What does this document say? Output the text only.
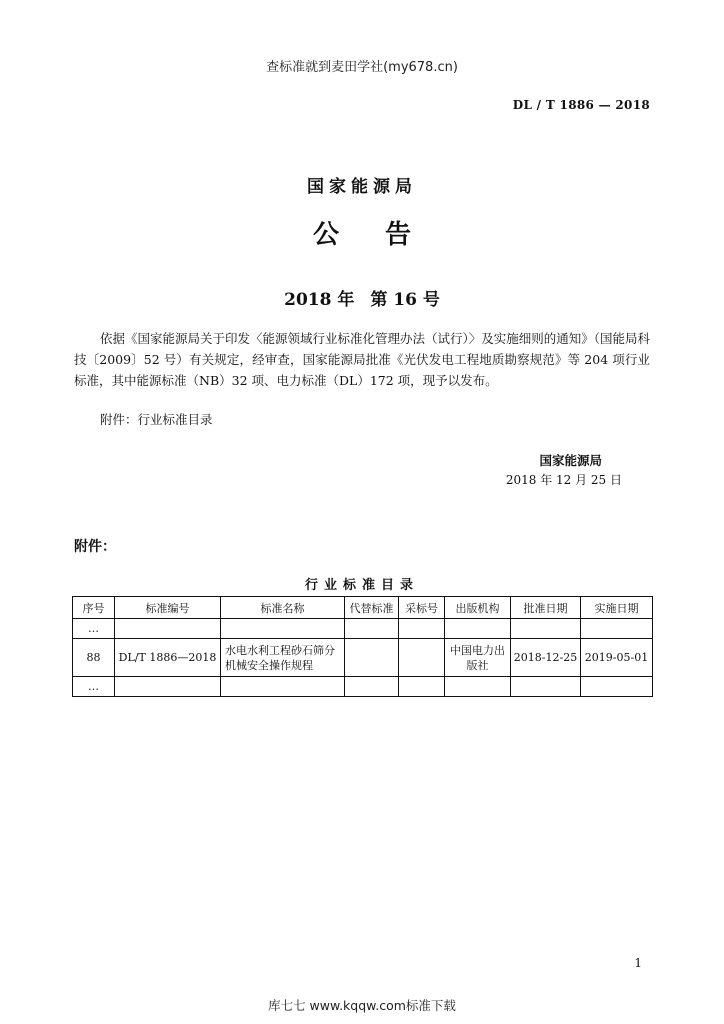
查标准就到麦田学社(my678.cn)
DL / T 1886 — 2018
国家能源局
公告
2018 年 第 16 号
依据《国家能源局关于印发〈能源领域行业标准化管理办法（试行）〉及实施细则的通知》（国能局科技〔2009〕52 号）有关规定，经审查，国家能源局批准《光伏发电工程地质勘察规范》等 204 项行业标准，其中能源标准（NB）32 项、电力标准（DL）172 项，现予以发布。
附件：行业标准目录
国家能源局
2018 年 12 月 25 日
附件：
行业标准目录
序号	标准编号	标准名称	代替标准	采标号	出版机构	批准日期	实施日期
…							
88	DL/T 1886—2018	水电水利工程砂石筛分机械安全操作规程			中国电力出版社	2018-12-25	2019-05-01
…							
1
库七七 www.kqqw.com标准下载
